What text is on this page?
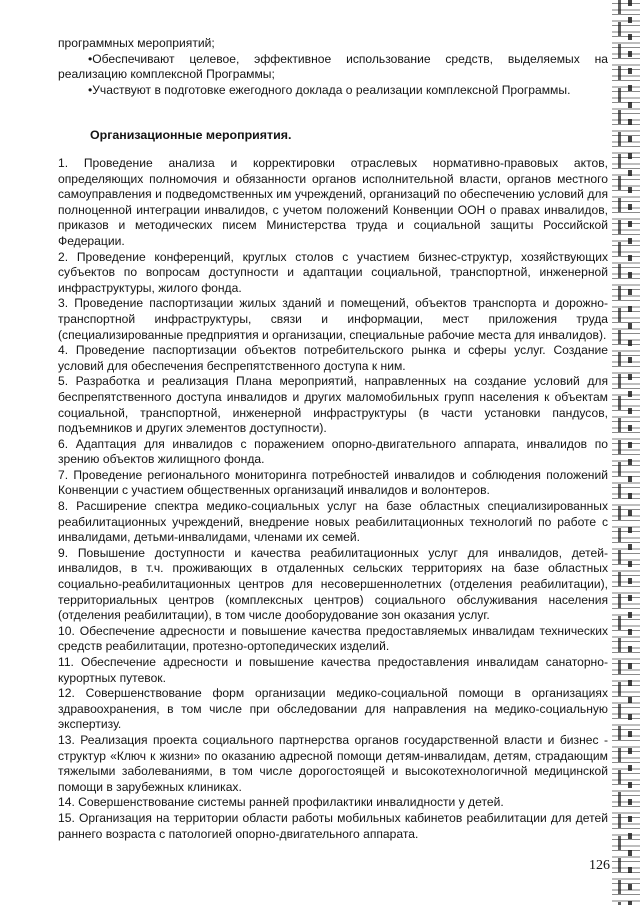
программных мероприятий;

•Обеспечивают целевое, эффективное использование средств, выделяемых на реализацию комплексной Программы;

•Участвуют в подготовке ежегодного доклада о реализации комплексной Программы.

Организационные мероприятия.

1. Проведение анализа и корректировки отраслевых нормативно-правовых актов, определяющих полномочия и обязанности органов исполнительной власти, органов местного самоуправления и подведомственных им учреждений, организаций по обеспечению условий для полноценной интеграции инвалидов, с учетом положений Конвенции ООН о правах инвалидов, приказов и методических писем Министерства труда и социальной защиты Российской Федерации.

2. Проведение конференций, круглых столов с участием бизнес-структур, хозяйствующих субъектов по вопросам доступности и адаптации социальной, транспортной, инженерной инфраструктуры, жилого фонда.

3. Проведение паспортизации жилых зданий и помещений, объектов транспорта и дорожно-транспортной инфраструктуры, связи и информации, мест приложения труда (специализированные предприятия и организации, специальные рабочие места для инвалидов).

4. Проведение паспортизации объектов потребительского рынка и сферы услуг. Создание условий для обеспечения беспрепятственного доступа к ним.

5. Разработка и реализация Плана мероприятий, направленных на создание условий для беспрепятственного доступа инвалидов и других маломобильных групп населения к объектам социальной, транспортной, инженерной инфраструктуры (в части установки пандусов, подъемников и других элементов доступности).

6. Адаптация для инвалидов с поражением опорно-двигательного аппарата, инвалидов по зрению объектов жилищного фонда.

7. Проведение регионального мониторинга потребностей инвалидов и соблюдения положений Конвенции с участием общественных организаций инвалидов и волонтеров.

8. Расширение спектра медико-социальных услуг на базе областных специализированных реабилитационных учреждений, внедрение новых реабилитационных технологий по работе с инвалидами, детьми-инвалидами, членами их семей.

9. Повышение доступности и качества реабилитационных услуг для инвалидов, детей-инвалидов, в т.ч. проживающих в отдаленных сельских территориях на базе областных социально-реабилитационных центров для несовершеннолетних (отделения реабилитации), территориальных центров (комплексных центров) социального обслуживания населения (отделения реабилитации), в том числе дооборудование зон оказания услуг.

10. Обеспечение адресности и повышение качества предоставляемых инвалидам технических средств реабилитации, протезно-ортопедических изделий.

11. Обеспечение адресности и повышение качества предоставления инвалидам санаторно-курортных путевок.

12. Совершенствование форм организации медико-социальной помощи в организациях здравоохранения, в том числе при обследовании для направления на медико-социальную экспертизу.

13. Реализация проекта социального партнерства органов государственной власти и бизнес - структур «Ключ к жизни» по оказанию адресной помощи детям-инвалидам, детям, страдающим тяжелыми заболеваниями, в том числе дорогостоящей и высокотехнологичной медицинской помощи в зарубежных клиниках.

14. Совершенствование системы ранней профилактики инвалидности у детей.

15. Организация на территории области работы мобильных кабинетов реабилитации для детей раннего возраста с патологией опорно-двигательного аппарата.

126
